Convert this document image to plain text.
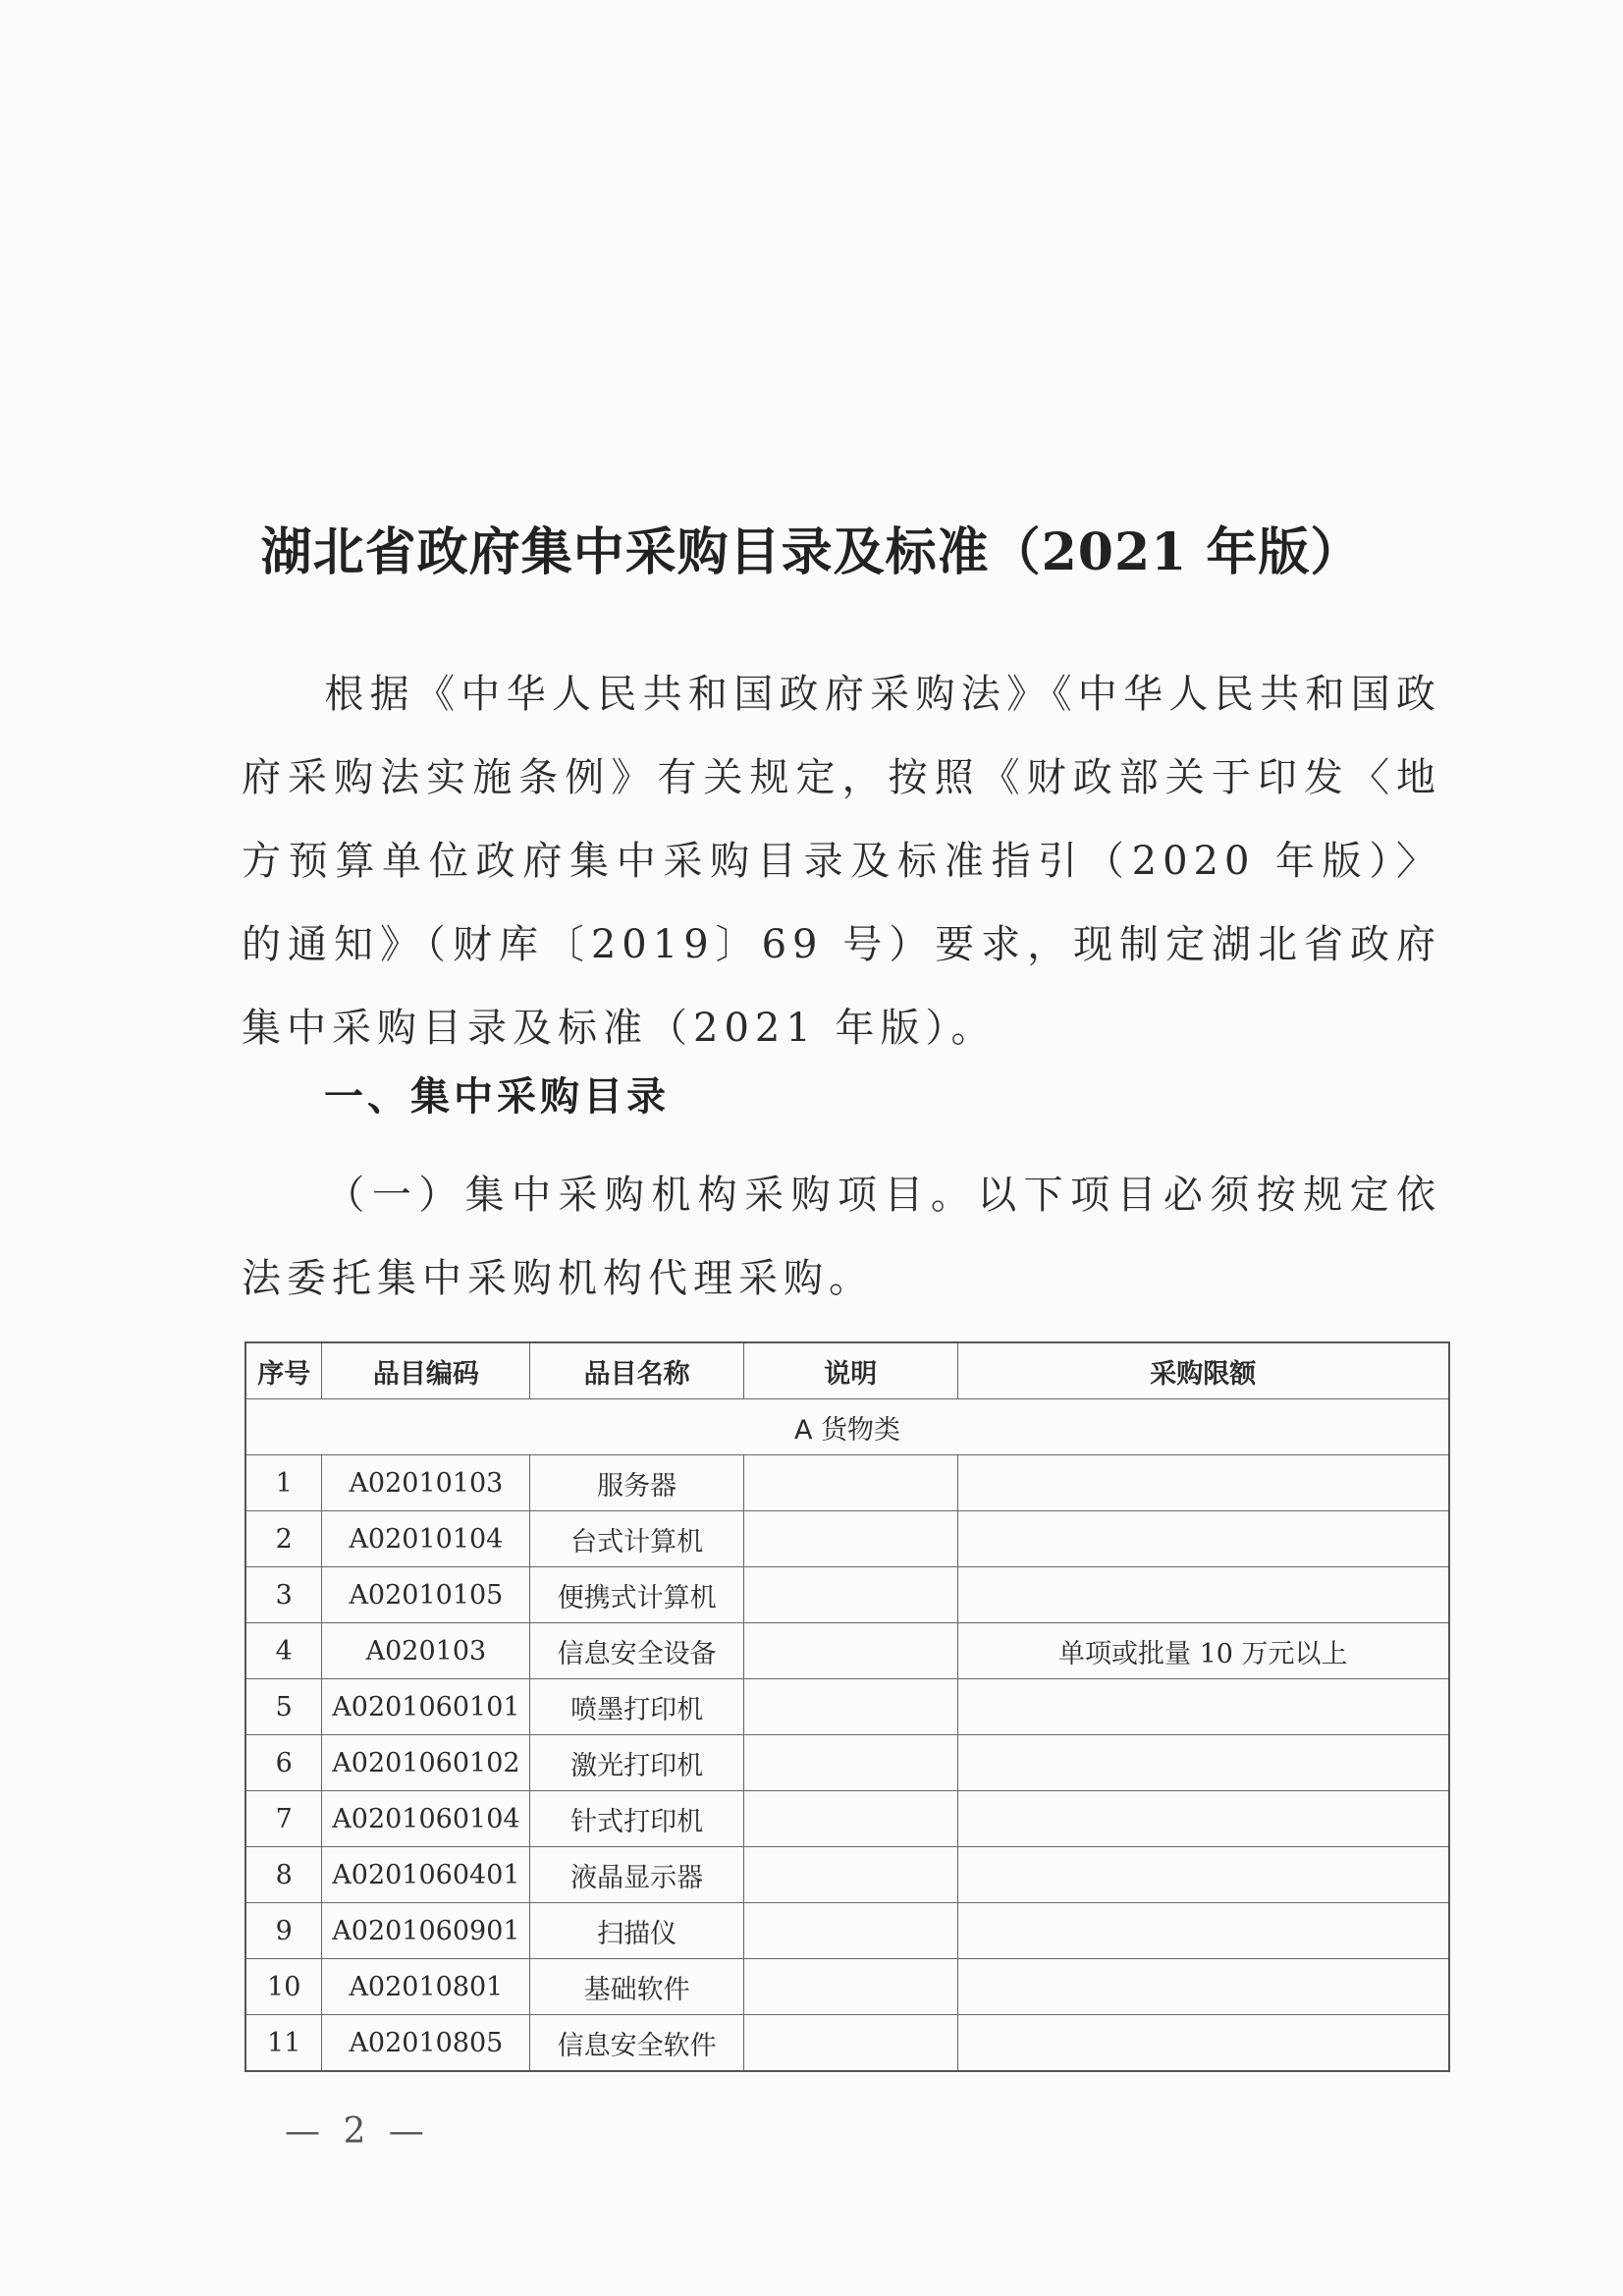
湖北省政府集中采购目录及标准（2021 年版）
根据《中华人民共和国政府采购法》《中华人民共和国政府采购法实施条例》有关规定，按照《财政部关于印发〈地方预算单位政府集中采购目录及标准指引（2020 年版）〉的通知》（财库〔2019〕69 号）要求，现制定湖北省政府集中采购目录及标准（2021 年版）。
一、集中采购目录
（一）集中采购机构采购项目。以下项目必须按规定依法委托集中采购机构代理采购。
序号	品目编码	品目名称	说明	采购限额
A 货物类				
1	A02010103	服务器		
2	A02010104	台式计算机		
3	A02010105	便携式计算机		
4	A020103	信息安全设备		单项或批量 10 万元以上
5	A0201060101	喷墨打印机		
6	A0201060102	激光打印机		
7	A0201060104	针式打印机		
8	A0201060401	液晶显示器		
9	A0201060901	扫描仪		
10	A02010801	基础软件		
11	A02010805	信息安全软件		
— 2 —
